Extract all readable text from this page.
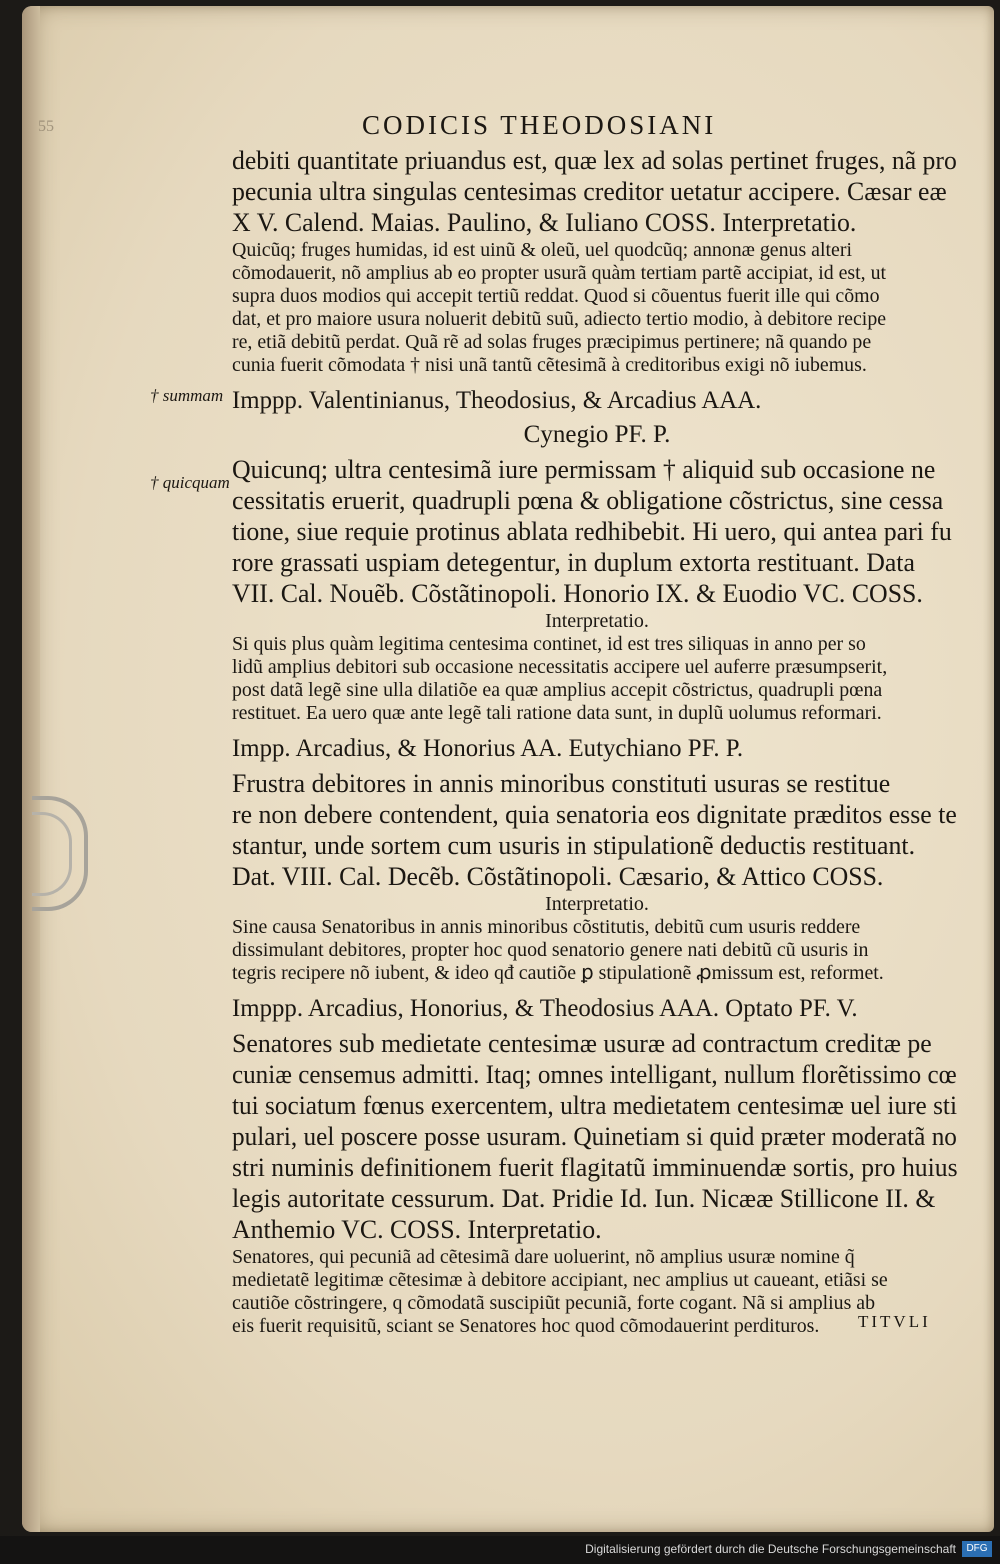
55	CODICIS THEODOSIANI
debiti quantitate priuandus est, quæ lex ad solas pertinet fruges, nã pro
pecunia ultra singulas centesimas creditor uetatur accipere. Cæsar eæ
X V. Calend. Maias. Paulino, & Iuliano COSS. Interpretatio.
Quicũq; fruges humidas, id est uinũ & oleũ, uel quodcũq; annonæ genus alteri
cõmodauerit, nõ amplius ab eo propter usurã quàm tertiam partẽ accipiat, id est, ut
supra duos modios qui accepit tertiũ reddat. Quod si cõuentus fuerit ille qui cõmo
dat, et pro maiore usura noluerit debitũ suũ, adiecto tertio modio, à debitore recipe
re, etiã debitũ perdat. Quã rẽ ad solas fruges præcipimus pertinere; nã quando pe
cunia fuerit cõmodata † nisi unã tantũ cẽtesimã à creditoribus exigi nõ iubemus.
Imppp. Valentinianus, Theodosius, & Arcadius AAA.
Cynegio PF. P.
Quicunq; ultra centesimã iure permissam † aliquid sub occasione ne
cessitatis eruerit, quadrupli pœna & obligatione cõstrictus, sine cessa
tione, siue requie protinus ablata redhibebit. Hi uero, qui antea pari fu
rore grassati uspiam detegentur, in duplum extorta restituant. Data
VII. Cal. Nouẽb. Cõstãtinopoli. Honorio IX. & Euodio VC. COSS.
Interpretatio.
Si quis plus quàm legitima centesima continet, id est tres siliquas in anno per so
lidũ amplius debitori sub occasione necessitatis accipere uel auferre præsumpserit,
post datã legẽ sine ulla dilatiõe ea quæ amplius accepit cõstrictus, quadrupli pœna
restituet. Ea uero quæ ante legẽ tali ratione data sunt, in duplũ uolumus reformari.
Impp. Arcadius, & Honorius AA. Eutychiano PF. P.
Frustra debitores in annis minoribus constituti usuras se restitue
re non debere contendent, quia senatoria eos dignitate præditos esse te
stantur, unde sortem cum usuris in stipulationẽ deductis restituant.
Dat. VIII. Cal. Decẽb. Cõstãtinopoli. Cæsario, & Attico COSS.
Interpretatio.
Sine causa Senatoribus in annis minoribus cõstitutis, debitũ cum usuris reddere
dissimulant debitores, propter hoc quod senatorio genere nati debitũ cũ usuris in
tegris recipere nõ iubent, & ideo qđ cautiõe ꝑ stipulationẽ ꝓmissum est, reformet.
Imppp. Arcadius, Honorius, & Theodosius AAA. Optato PF. V.
Senatores sub medietate centesimæ usuræ ad contractum creditæ pe
cuniæ censemus admitti. Itaq; omnes intelligant, nullum florẽtissimo cœ
tui sociatum fœnus exercentem, ultra medietatem centesimæ uel iure sti
pulari, uel poscere posse usuram. Quinetiam si quid præter moderatã no
stri numinis definitionem fuerit flagitatũ imminuendæ sortis, pro huius
legis autoritate cessurum. Dat. Pridie Id. Iun. Nicææ Stillicone II. &
Anthemio VC. COSS. Interpretatio.
Senatores, qui pecuniã ad cẽtesimã dare uoluerint, nõ amplius usuræ nomine q̃
medietatẽ legitimæ cẽtesimæ à debitore accipiant, nec amplius ut caueant, etiãsi se
cautiõe cõstringere, q cõmodatã suscipiũt pecuniã, forte cogant. Nã si amplius ab
eis fuerit requisitũ, sciant se Senatores hoc quod cõmodauerint perdituros.
† summam
† quicquam
TITVLI
Digitalisierung gefördert durch die Deutsche Forschungsgemeinschaft	DFG
